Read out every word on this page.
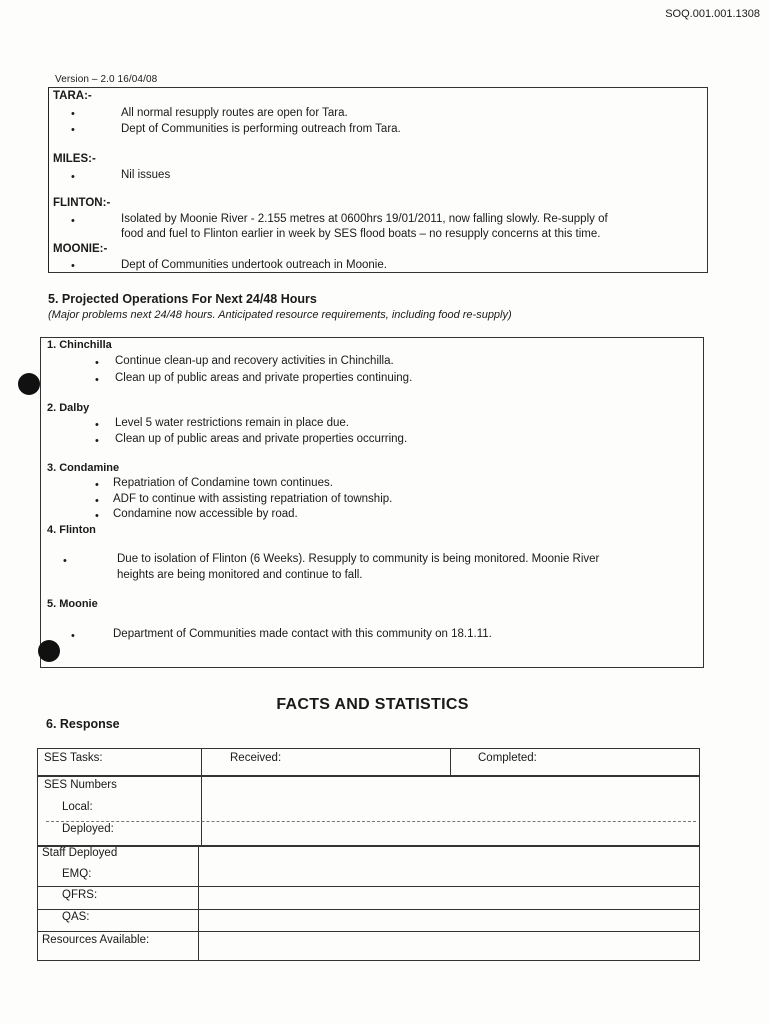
SOQ.001.001.1308
Version – 2.0 16/04/08
TARA:-
•	All normal resupply routes are open for Tara.
•	Dept of Communities is performing outreach from Tara.
MILES:-
•	Nil issues
FLINTON:-
•	Isolated by Moonie River - 2.155 metres at 0600hrs 19/01/2011, now falling slowly. Re-supply of
food and fuel to Flinton earlier in week by SES flood boats – no resupply concerns at this time.
MOONIE:-
•	Dept of Communities undertook outreach in Moonie.
5. Projected Operations For Next 24/48 Hours
(Major problems next 24/48 hours. Anticipated resource requirements, including food re-supply)
1. Chinchilla
• Continue clean-up and recovery activities in Chinchilla.
• Clean up of public areas and private properties continuing.
2. Dalby
• Level 5 water restrictions remain in place due.
• Clean up of public areas and private properties occurring.
3. Condamine
• Repatriation of Condamine town continues.
• ADF to continue with assisting repatriation of township.
• Condamine now accessible by road.
4. Flinton
•	Due to isolation of Flinton (6 Weeks). Resupply to community is being monitored. Moonie River
heights are being monitored and continue to fall.
5. Moonie
•	Department of Communities made contact with this community on 18.1.11.
FACTS AND STATISTICS
6. Response
SES Tasks:	Received:	Completed:
SES Numbers
Local:
Deployed:
Staff Deployed
EMQ:
QFRS:
QAS:
Resources Available:
